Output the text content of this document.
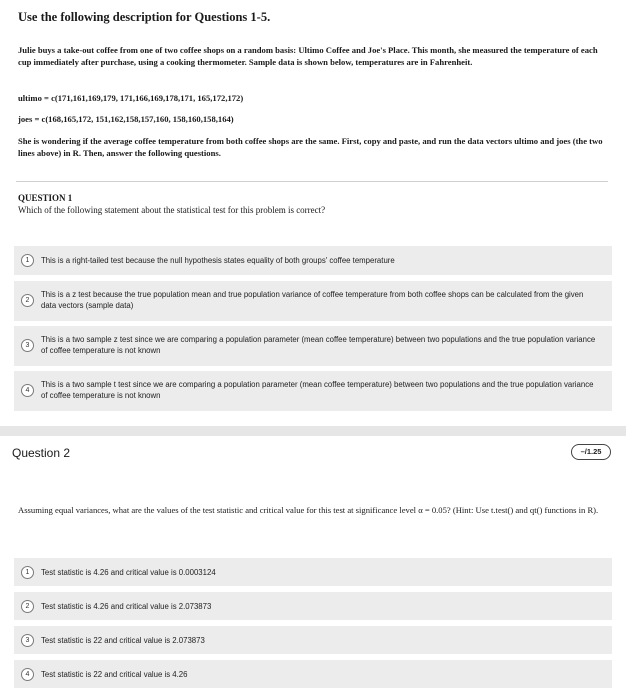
Use the following description for Questions 1-5.
Julie buys a take-out coffee from one of two coffee shops on a random basis: Ultimo Coffee and Joe's Place. This month, she measured the temperature of each cup immediately after purchase, using a cooking thermometer. Sample data is shown below, temperatures are in Fahrenheit.
ultimo = c(171,161,169,179, 171,166,169,178,171, 165,172,172)
joes = c(168,165,172, 151,162,158,157,160, 158,160,158,164)
She is wondering if the average coffee temperature from both coffee shops are the same. First, copy and paste, and run the data vectors ultimo and joes (the two lines above) in R. Then, answer the following questions.
QUESTION 1
Which of the following statement about the statistical test for this problem is correct?
1	This is a right-tailed test because the null hypothesis states equality of both groups' coffee temperature
2
This is a z test because the true population mean and true population variance of coffee temperature from both coffee shops can be calculated from the given data vectors (sample data)
3
This is a two sample z test since we are comparing a population parameter (mean coffee temperature) between two populations and the true population variance of coffee temperature is not known
4
This is a two sample t test since we are comparing a population parameter (mean coffee temperature) between two populations and the true population variance of coffee temperature is not known
Question 2	–/1.25
Assuming equal variances, what are the values of the test statistic and critical value for this test at significance level α = 0.05? (Hint: Use t.test() and qt() functions in R).
1	Test statistic is 4.26 and critical value is 0.0003124
2	Test statistic is 4.26 and critical value is 2.073873
3	Test statistic is 22 and critical value is 2.073873
4	Test statistic is 22 and critical value is 4.26
